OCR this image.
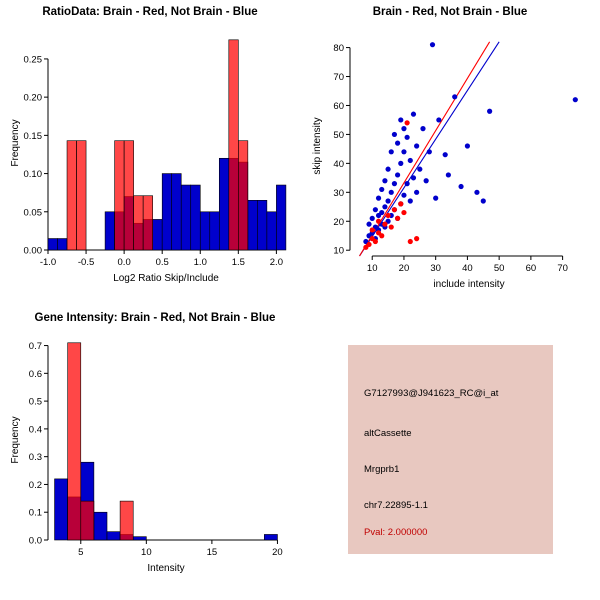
RatioData: Brain - Red, Not Brain - Blue
-1.0 -0.5 0.0	0.5	1.0	1.5	2.0
0.00
0.05
0.10
0.15
0.20
0.25
Log2 Ratio Skip/Include
Frequency
Brain - Red, Not Brain - Blue
10 20 30 40 50 60 70
10
20
30
40
50
60
70
80
include intensity
skip intensity
Gene Intensity: Brain - Red, Not Brain - Blue
5	10	15	20
0.0
0.1
0.2
0.3
0.4
0.5
0.6
0.7
Intensity
Frequency
G7127993@J941623_RC@i_at
altCassette
Mrgprb1
chr7.22895-1.1
Pval: 2.000000
